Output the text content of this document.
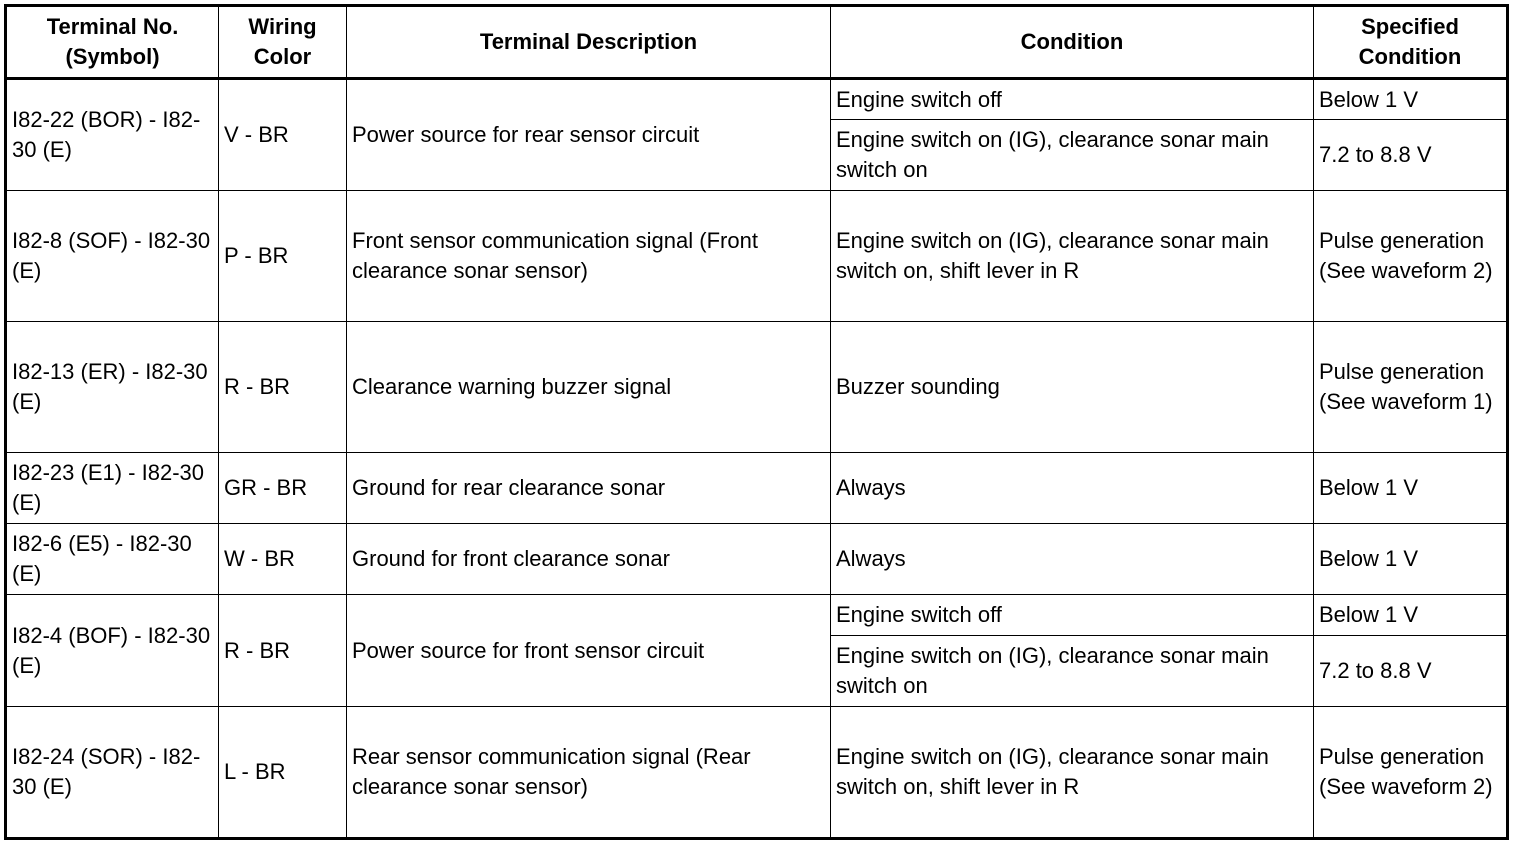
Terminal No. (Symbol)	Wiring Color	Terminal Description	Condition	Specified Condition
I82-22 (BOR) - I82-30 (E)	V - BR	Power source for rear sensor circuit	Engine switch off	Below 1 V
			Engine switch on (IG), clearance sonar main switch on	7.2 to 8.8 V
I82-8 (SOF) - I82-30 (E)	P - BR	Front sensor communication signal (Front clearance sonar sensor)	Engine switch on (IG), clearance sonar main switch on, shift lever in R	Pulse generation (See waveform 2)
I82-13 (ER) - I82-30 (E)	R - BR	Clearance warning buzzer signal	Buzzer sounding	Pulse generation (See waveform 1)
I82-23 (E1) - I82-30 (E)	GR - BR	Ground for rear clearance sonar	Always	Below 1 V
I82-6 (E5) - I82-30 (E)	W - BR	Ground for front clearance sonar	Always	Below 1 V
I82-4 (BOF) - I82-30 (E)	R - BR	Power source for front sensor circuit	Engine switch off	Below 1 V
			Engine switch on (IG), clearance sonar main switch on	7.2 to 8.8 V
I82-24 (SOR) - I82-30 (E)	L - BR	Rear sensor communication signal (Rear clearance sonar sensor)	Engine switch on (IG), clearance sonar main switch on, shift lever in R	Pulse generation (See waveform 2)
